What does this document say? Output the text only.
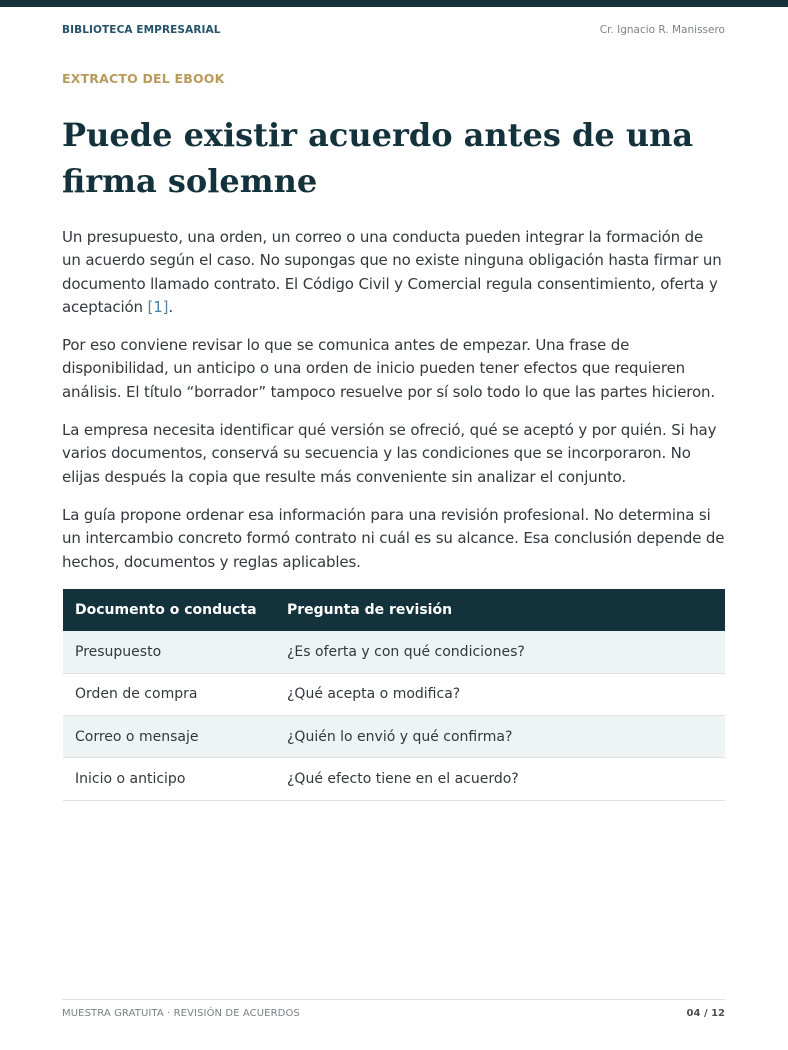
BIBLIOTECA EMPRESARIAL	Cr. Ignacio R. Manissero
EXTRACTO DEL EBOOK
Puede existir acuerdo antes de una firma solemne

Un presupuesto, una orden, un correo o una conducta pueden integrar la formación de un acuerdo según el caso. No supongas que no existe ninguna obligación hasta firmar un documento llamado contrato. El Código Civil y Comercial regula consentimiento, oferta y aceptación [1].

Por eso conviene revisar lo que se comunica antes de empezar. Una frase de disponibilidad, un anticipo o una orden de inicio pueden tener efectos que requieren análisis. El título “borrador” tampoco resuelve por sí solo todo lo que las partes hicieron.

La empresa necesita identificar qué versión se ofreció, qué se aceptó y por quién. Si hay varios documentos, conservá su secuencia y las condiciones que se incorporaron. No elijas después la copia que resulte más conveniente sin analizar el conjunto.

La guía propone ordenar esa información para una revisión profesional. No determina si un intercambio concreto formó contrato ni cuál es su alcance. Esa conclusión depende de hechos, documentos y reglas aplicables.

Documento o conducta	Pregunta de revisión
Presupuesto	¿Es oferta y con qué condiciones?
Orden de compra	¿Qué acepta o modifica?
Correo o mensaje	¿Quién lo envió y qué confirma?
Inicio o anticipo	¿Qué efecto tiene en el acuerdo?
MUESTRA GRATUITA · REVISIÓN DE ACUERDOS	04 / 12
